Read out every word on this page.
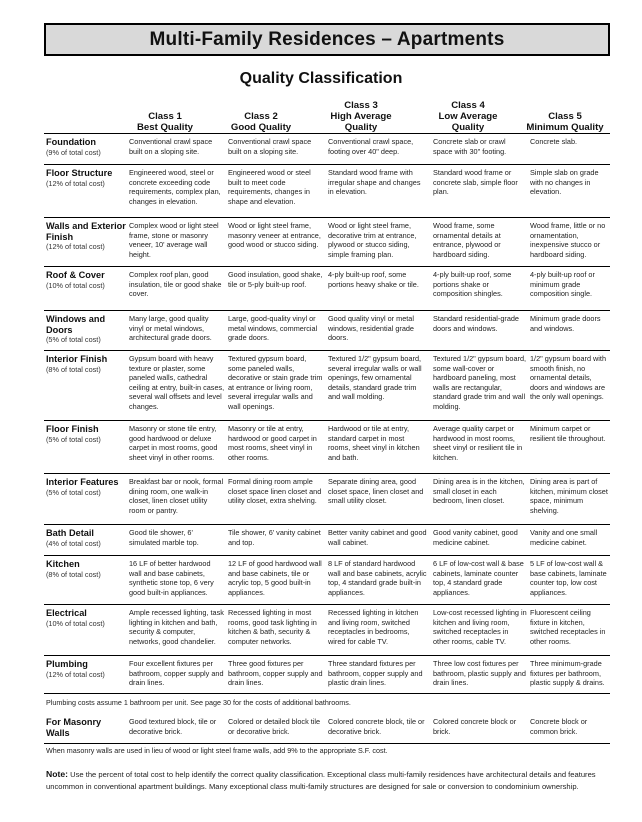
Multi-Family Residences – Apartments
Quality Classification
Class 1
Best Quality
Class 2
Good Quality
Class 3
High Average
Quality
Class 4
Low Average
Quality
Class 5
Minimum Quality
Foundation
(9% of total cost)
Conventional crawl space built on a sloping site.
Conventional crawl space built on a sloping site.
Conventional crawl space, footing over 40" deep.
Concrete slab or crawl space with 30" footing.
Concrete slab.
Floor Structure
(12% of total cost)
Engineered wood, steel or concrete exceeding code requirements, complex plan, changes in elevation.
Engineered wood or steel built to meet code requirements, changes in shape and elevation.
Standard wood frame with irregular shape and changes in elevation.
Standard wood frame or concrete slab, simple floor plan.
Simple slab on grade with no changes in elevation.
Walls and Exterior Finish
(12% of total cost)
Complex wood or light steel frame, stone or masonry veneer, 10' average wall height.
Wood or light steel frame, masonry veneer at entrance, good wood or stucco siding.
Wood or light steel frame, decorative trim at entrance, plywood or stucco siding, simple framing plan.
Wood frame, some ornamental details at entrance, plywood or hardboard siding.
Wood frame, little or no ornamentation, inexpensive stucco or hardboard siding.
Roof & Cover
(10% of total cost)
Complex roof plan, good insulation, tile or good shake cover.
Good insulation, good shake, tile or 5-ply built-up roof.
4-ply built-up roof, some portions heavy shake or tile.
4-ply built-up roof, some portions shake or composition shingles.
4-ply built-up roof or minimum grade composition single.
Windows and Doors
(5% of total cost)
Many large, good quality vinyl or metal windows, architectural grade doors.
Large, good-quality vinyl or metal windows, commercial grade doors.
Good quality vinyl or metal windows, residential grade doors.
Standard residential-grade doors and windows.
Minimum grade doors and windows.
Interior Finish
(8% of total cost)
Gypsum board with heavy texture or plaster, some paneled walls, cathedral ceiling at entry, built-in cases, several wall offsets and level changes.
Textured gypsum board, some paneled walls, decorative or stain grade trim at entrance or living room, several irregular walls and wall openings.
Textured 1/2" gypsum board, several irregular walls or wall openings, few ornamental details, standard grade trim and wall molding.
Textured 1/2" gypsum board, some wall-cover or hardboard paneling, most walls are rectangular, standard grade trim and wall molding.
1/2" gypsum board with smooth finish, no ornamental details, doors and windows are the only wall openings.
Floor Finish
(5% of total cost)
Masonry or stone tile entry, good hardwood or deluxe carpet in most rooms, good sheet vinyl in other rooms.
Masonry or tile at entry, hardwood or good carpet in most rooms, sheet vinyl in other rooms.
Hardwood or tile at entry, standard carpet in most rooms, sheet vinyl in kitchen and bath.
Average quality carpet or hardwood in most rooms, sheet vinyl or resilient tile in kitchen.
Minimum carpet or resilient tile throughout.
Interior Features
(5% of total cost)
Breakfast bar or nook, formal dining room, one walk-in closet, linen closet utility room or pantry.
Formal dining room ample closet space linen closet and utility closet, extra shelving.
Separate dining area, good closet space, linen closet and small utility closet.
Dining area is in the kitchen, small closet in each bedroom, linen closet.
Dining area is part of kitchen, minimum closet space, minimum shelving.
Bath Detail
(4% of total cost)
Good tile shower, 6' simulated marble top.
Tile shower, 6' vanity cabinet and top.
Better vanity cabinet and good wall cabinet.
Good vanity cabinet, good medicine cabinet.
Vanity and one small medicine cabinet.
Kitchen
(8% of total cost)
16 LF of better hardwood wall and base cabinets, synthetic stone top, 6 very good built-in appliances.
12 LF of good hardwood wall and base cabinets, tile or acrylic top, 5 good built-in appliances.
8 LF of standard hardwood wall and base cabinets, acrylic top, 4 standard grade built-in appliances.
6 LF of low-cost wall & base cabinets, laminate counter top, 4 standard grade appliances.
5 LF of low-cost wall & base cabinets, laminate counter top, low cost appliances.
Electrical
(10% of total cost)
Ample recessed lighting, task lighting in kitchen and bath, security & computer, networks, good chandelier.
Recessed lighting in most rooms, good task lighting in kitchen & bath, security & computer networks.
Recessed lighting in kitchen and living room, switched receptacles in bedrooms, wired for cable TV.
Low-cost recessed lighting in kitchen and living room, switched receptacles in other rooms, cable TV.
Fluorescent ceiling fixture in kitchen, switched receptacles in other rooms.
Plumbing
(12% of total cost)
Four excellent fixtures per bathroom, copper supply and drain lines.
Three good fixtures per bathroom, copper supply and drain lines.
Three standard fixtures per bathroom, copper supply and plastic drain lines.
Three low cost fixtures per bathroom, plastic supply and drain lines.
Three minimum-grade fixtures per bathroom, plastic supply & drains.
Plumbing costs assume 1 bathroom per unit. See page 30 for the costs of additional bathrooms.
For Masonry Walls
Good textured block, tile or decorative brick.
Colored or detailed block tile or decorative brick.
Colored concrete block, tile or decorative brick.
Colored concrete block or brick.
Concrete block or common brick.
When masonry walls are used in lieu of wood or light steel frame walls, add 9% to the appropriate S.F. cost.
Note: Use the percent of total cost to help identify the correct quality classification. Exceptional class multi-family residences have architectural details and features uncommon in conventional apartment buildings. Many exceptional class multi-family structures are designed for sale or conversion to condominium ownership.
